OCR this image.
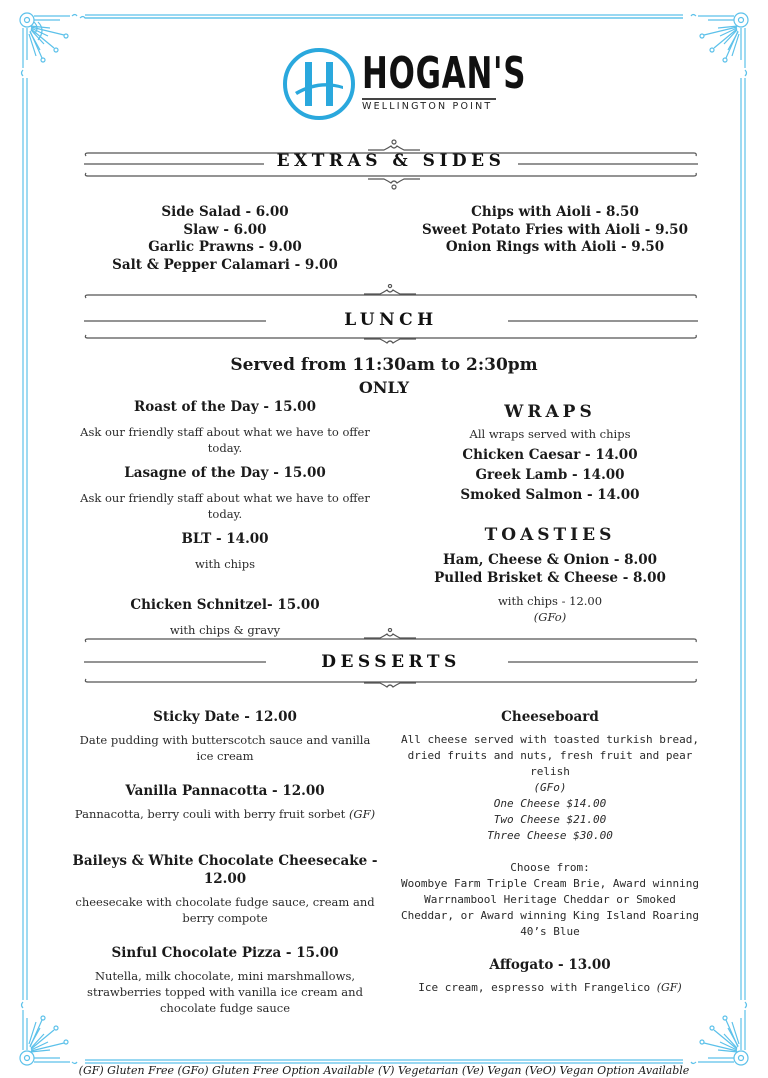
HOGAN'S
WELLINGTON POINT
EXTRAS & SIDES
Side Salad - 6.00
Slaw - 6.00
Garlic Prawns - 9.00
Salt & Pepper Calamari - 9.00
Chips with Aioli - 8.50
Sweet Potato Fries with Aioli - 9.50
Onion Rings with Aioli - 9.50
LUNCH
Served from 11:30am to 2:30pm
ONLY
Roast of the Day - 15.00
Ask our friendly staff about what we have to offer today.
Lasagne of the Day - 15.00
Ask our friendly staff about what we have to offer today.
BLT - 14.00
with chips
Chicken Schnitzel- 15.00
with chips & gravy
WRAPS
All wraps served with chips
Chicken Caesar - 14.00
Greek Lamb - 14.00
Smoked Salmon - 14.00
TOASTIES
Ham, Cheese & Onion - 8.00
Pulled Brisket & Cheese - 8.00
with chips - 12.00
(GFo)
DESSERTS
Sticky Date - 12.00
Date pudding with butterscotch sauce and vanilla ice cream
Vanilla Pannacotta - 12.00
Pannacotta, berry couli with berry fruit sorbet (GF)
Baileys & White Chocolate Cheesecake - 12.00
cheesecake with chocolate fudge sauce, cream and berry compote
Sinful Chocolate Pizza - 15.00
Nutella, milk chocolate, mini marshmallows, strawberries topped with vanilla ice cream and chocolate fudge sauce
Cheeseboard
All cheese served with toasted turkish bread, dried fruits and nuts, fresh fruit and pear relish
(GFo)
One Cheese $14.00
Two Cheese $21.00
Three Cheese $30.00
Choose from:
Woombye Farm Triple Cream Brie, Award winning Warrnambool Heritage Cheddar or Smoked Cheddar, or Award winning King Island Roaring 40’s Blue
Affogato - 13.00
Ice cream, espresso with Frangelico (GF)
(GF) Gluten Free (GFo) Gluten Free Option Available (V) Vegetarian (Ve) Vegan (VeO) Vegan Option Available
